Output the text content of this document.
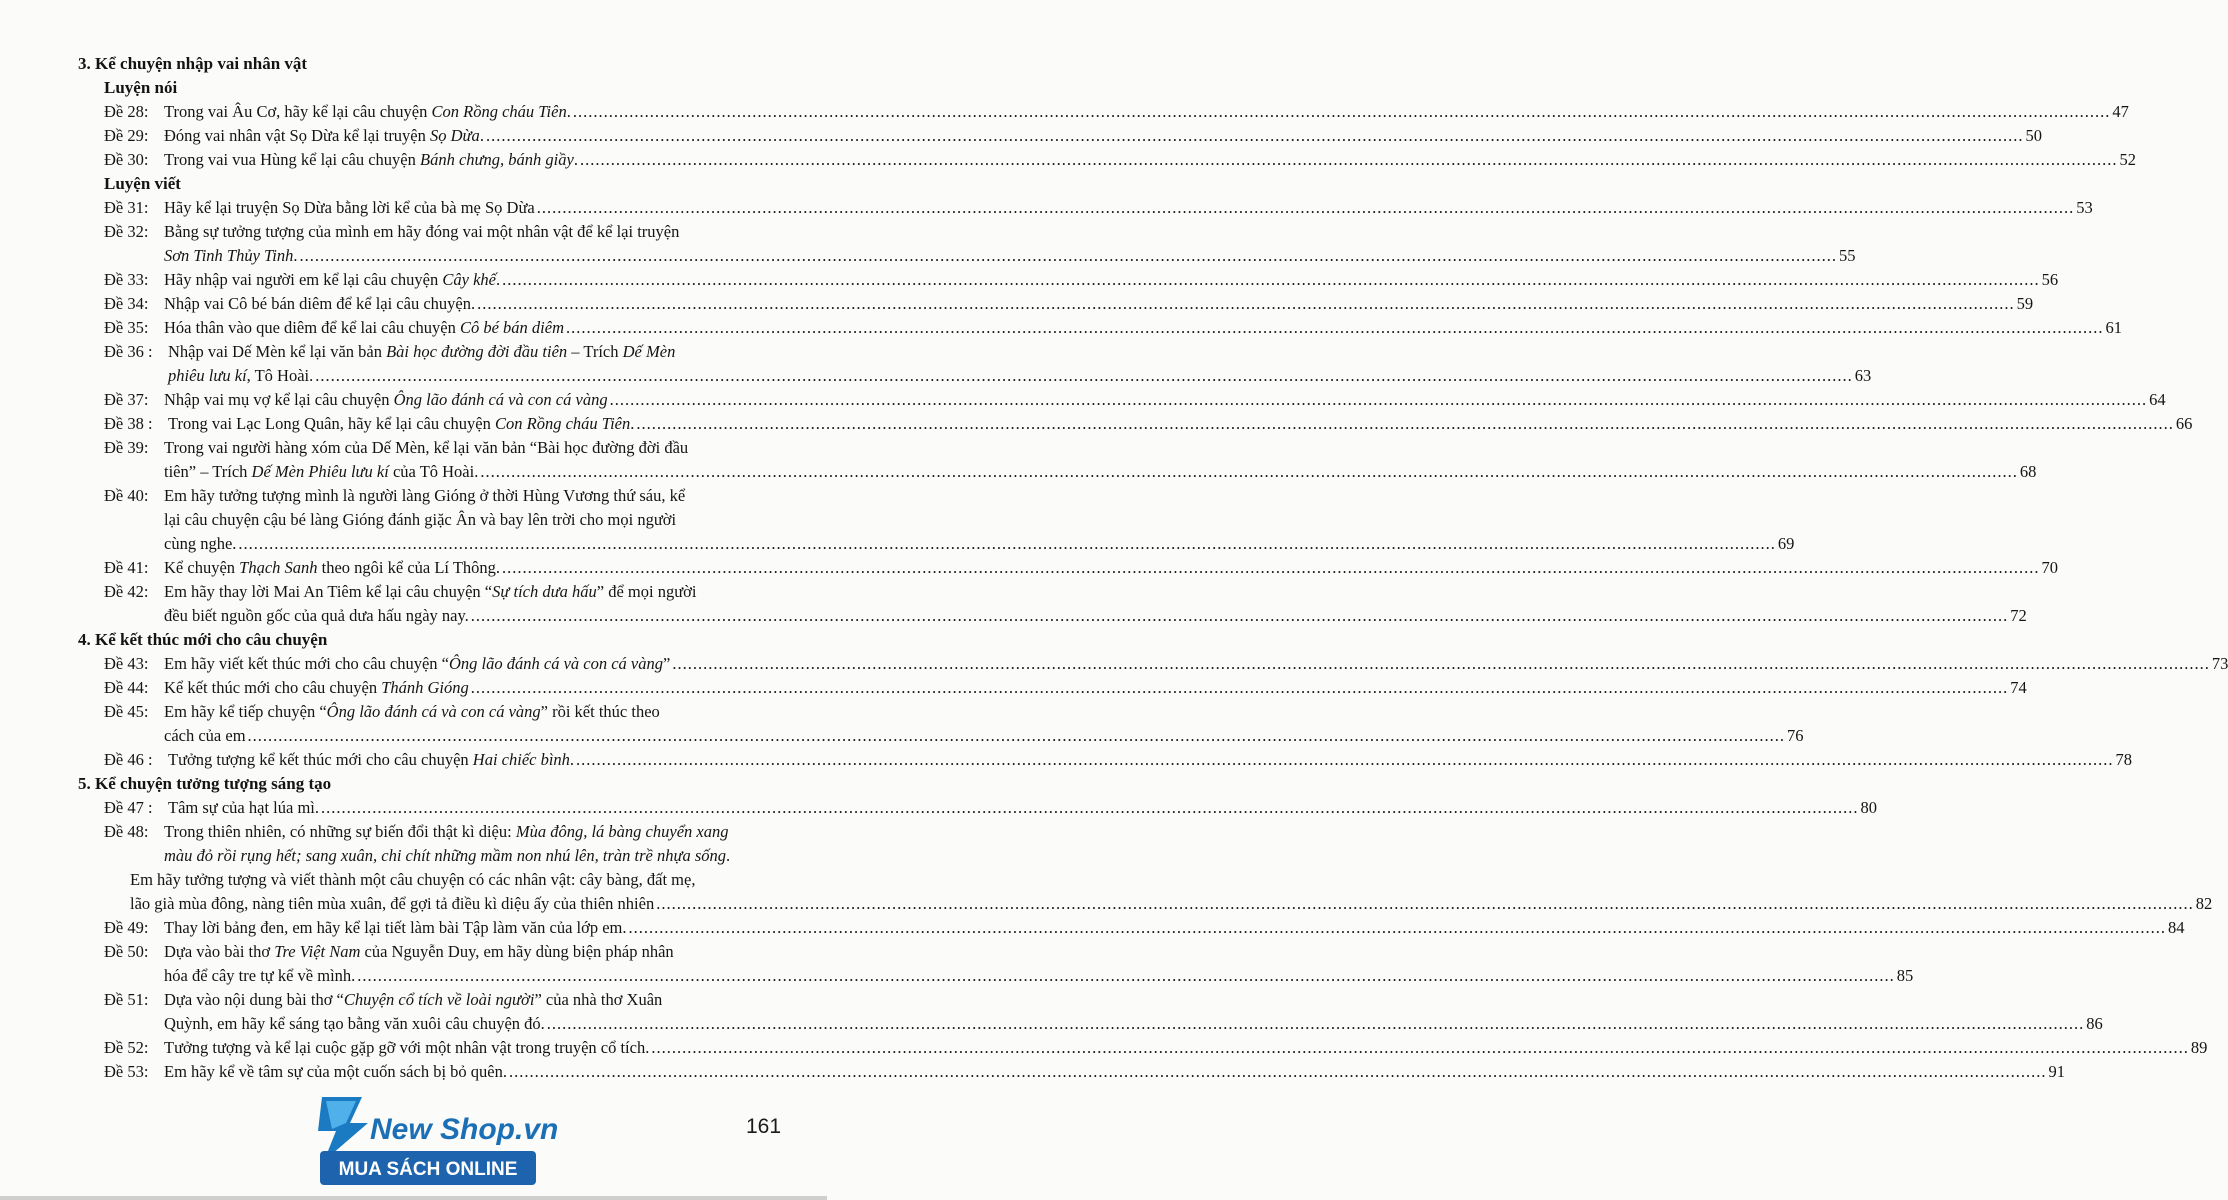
3. Kể chuyện nhập vai nhân vật
Luyện nói
Đề 28: Trong vai Âu Cơ, hãy kể lại câu chuyện Con Rồng cháu Tiên. ............................................................................................................................................................................................................................................................................................................ 47
Đề 29: Đóng vai nhân vật Sọ Dừa kể lại truyện Sọ Dừa. ............................................................................................................................................................................................................................................................................................................ 50
Đề 30: Trong vai vua Hùng kể lại câu chuyện Bánh chưng, bánh giầy. ............................................................................................................................................................................................................................................................................................................ 52
Luyện viết
Đề 31: Hãy kể lại truyện Sọ Dừa bằng lời kể của bà mẹ Sọ Dừa ............................................................................................................................................................................................................................................................................................................ 53
Đề 32: Bằng sự tưởng tượng của mình em hãy đóng vai một nhân vật để kể lại truyện
Sơn Tinh Thủy Tinh. ............................................................................................................................................................................................................................................................................................................ 55
Đề 33: Hãy nhập vai người em kể lại câu chuyện Cây khế. ............................................................................................................................................................................................................................................................................................................ 56
Đề 34: Nhập vai Cô bé bán diêm để kể lại câu chuyện. ............................................................................................................................................................................................................................................................................................................ 59
Đề 35: Hóa thân vào que diêm để kể lai câu chuyện Cô bé bán diêm ............................................................................................................................................................................................................................................................................................................ 61
Đề 36 : Nhập vai Dế Mèn kể lại văn bản Bài học đường đời đầu tiên – Trích Dế Mèn
phiêu lưu kí, Tô Hoài. ............................................................................................................................................................................................................................................................................................................ 63
Đề 37: Nhập vai mụ vợ kể lại câu chuyện Ông lão đánh cá và con cá vàng ............................................................................................................................................................................................................................................................................................................ 64
Đề 38 : Trong vai Lạc Long Quân, hãy kể lại câu chuyện Con Rồng cháu Tiên. ............................................................................................................................................................................................................................................................................................................ 66
Đề 39: Trong vai người hàng xóm của Dế Mèn, kể lại văn bản “Bài học đường đời đầu
tiên” – Trích Dế Mèn Phiêu lưu kí của Tô Hoài. ............................................................................................................................................................................................................................................................................................................ 68
Đề 40: Em hãy tưởng tượng mình là người làng Gióng ở thời Hùng Vương thứ sáu, kể
lại câu chuyện cậu bé làng Gióng đánh giặc Ân và bay lên trời cho mọi người
cùng nghe. ............................................................................................................................................................................................................................................................................................................ 69
Đề 41: Kể chuyện Thạch Sanh theo ngôi kể của Lí Thông. ............................................................................................................................................................................................................................................................................................................ 70
Đề 42: Em hãy thay lời Mai An Tiêm kể lại câu chuyện “Sự tích dưa hấu” để mọi người
đều biết nguồn gốc của quả dưa hấu ngày nay. ............................................................................................................................................................................................................................................................................................................ 72
4. Kể kết thúc mới cho câu chuyện
Đề 43: Em hãy viết kết thúc mới cho câu chuyện “Ông lão đánh cá và con cá vàng” ............................................................................................................................................................................................................................................................................................................ 73
Đề 44: Kể kết thúc mới cho câu chuyện Thánh Gióng ............................................................................................................................................................................................................................................................................................................ 74
Đề 45: Em hãy kể tiếp chuyện “Ông lão đánh cá và con cá vàng” rồi kết thúc theo
cách của em ............................................................................................................................................................................................................................................................................................................ 76
Đề 46 : Tưởng tượng kể kết thúc mới cho câu chuyện Hai chiếc bình. ............................................................................................................................................................................................................................................................................................................ 78
5. Kể chuyện tưởng tượng sáng tạo
Đề 47 : Tâm sự của hạt lúa mì. ............................................................................................................................................................................................................................................................................................................ 80
Đề 48: Trong thiên nhiên, có những sự biến đổi thật kì diệu: Mùa đông, lá bàng chuyển xang
màu đỏ rồi rụng hết; sang xuân, chi chít những mầm non nhú lên, tràn trề nhựa sống.
Em hãy tưởng tượng và viết thành một câu chuyện có các nhân vật: cây bàng, đất mẹ,
lão già mùa đông, nàng tiên mùa xuân, để gợi tả điều kì diệu ấy của thiên nhiên ............................................................................................................................................................................................................................................................................................................ 82
Đề 49: Thay lời bảng đen, em hãy kể lại tiết làm bài Tập làm văn của lớp em. ............................................................................................................................................................................................................................................................................................................ 84
Đề 50: Dựa vào bài thơ Tre Việt Nam của Nguyễn Duy, em hãy dùng biện pháp nhân
hóa để cây tre tự kể về mình. ............................................................................................................................................................................................................................................................................................................ 85
Đề 51: Dựa vào nội dung bài thơ “Chuyện cổ tích về loài người” của nhà thơ Xuân
Quỳnh, em hãy kể sáng tạo bằng văn xuôi câu chuyện đó. ............................................................................................................................................................................................................................................................................................................ 86
Đề 52: Tưởng tượng và kể lại cuộc gặp gỡ với một nhân vật trong truyện cổ tích. ............................................................................................................................................................................................................................................................................................................ 89
Đề 53: Em hãy kể về tâm sự của một cuốn sách bị bỏ quên. ............................................................................................................................................................................................................................................................................................................ 91
161
New Shop.vn
MUA SÁCH ONLINE
